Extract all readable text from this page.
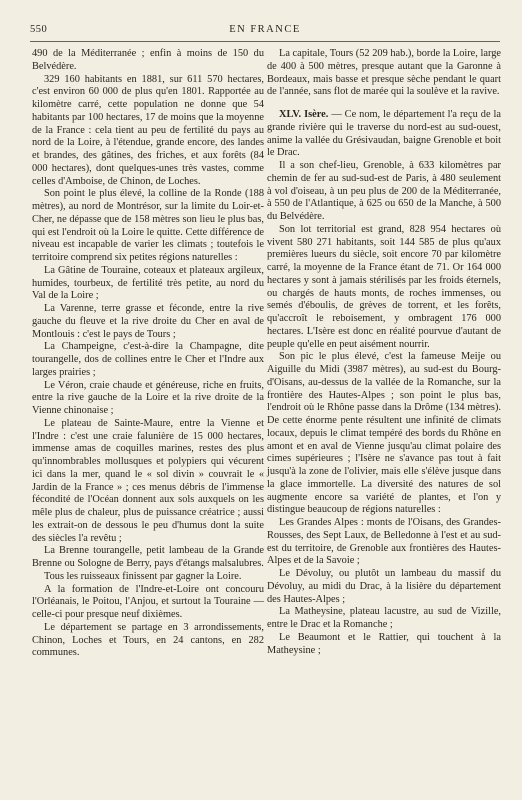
550	EN FRANCE

490 de la Méditerranée ; enfin à moins de 150 du Belvédère.

329 160 habitants en 1881, sur 611 570 hectares, c'est environ 60 000 de plus qu'en 1801. Rapportée au kilomètre carré, cette population ne donne que 54 habitants par 100 hectares, 17 de moins que la moyenne de la France : cela tient au peu de fertilité du pays au nord de la Loire, à l'étendue, grande encore, des landes et brandes, des gâtines, des friches, et aux forêts (84 000 hectares), dont quelques-unes très vastes, comme celles d'Amboise, de Chinon, de Loches.

Son point le plus élevé, la colline de la Ronde (188 mètres), au nord de Montrésor, sur la limite du Loir-et-Cher, ne dépasse que de 158 mètres son lieu le plus bas, qui est l'endroit où la Loire le quitte. Cette différence de niveau est incapable de varier les climats ; toutefois le territoire comprend six petites régions naturelles :

La Gâtine de Touraine, coteaux et plateaux argileux, humides, tourbeux, de fertilité très petite, au nord du Val de la Loire ;

La Varenne, terre grasse et féconde, entre la rive gauche du fleuve et la rive droite du Cher en aval de Montlouis : c'est le pays de Tours ;

La Champeigne, c'est-à-dire la Champagne, dite tourangelle, dos de collines entre le Cher et l'Indre aux larges prairies ;

Le Véron, craie chaude et généreuse, riche en fruits, entre la rive gauche de la Loire et la rive droite de la Vienne chinonaise ;

Le plateau de Sainte-Maure, entre la Vienne et l'Indre : c'est une craie falunière de 15 000 hectares, immense amas de coquilles marines, restes des plus qu'innombrables mollusques et polypiers qui vécurent ici dans la mer, quand le « sol divin » couvrait le « Jardin de la France » ; ces menus débris de l'immense fécondité de l'Océan donnent aux sols auxquels on les mêle plus de chaleur, plus de puissance créatrice ; aussi les extrait-on de dessous le peu d'humus dont la suite des siècles l'a revêtu ;

La Brenne tourangelle, petit lambeau de la Grande Brenne ou Sologne de Berry, pays d'étangs malsalubres.

Tous les ruisseaux finissent par gagner la Loire.

A la formation de l'Indre-et-Loire ont concouru l'Orléanais, le Poitou, l'Anjou, et surtout la Touraine — celle-ci pour presque neuf dixièmes.

Le département se partage en 3 arrondissements, Chinon, Loches et Tours, en 24 cantons, en 282 communes.

La capitale, Tours (52 209 hab.), borde la Loire, large de 400 à 500 mètres, presque autant que la Garonne à Bordeaux, mais basse et presque sèche pendant le quart de l'année, sans flot de marée qui la soulève et la ravive.

XLV. Isère. — Ce nom, le département l'a reçu de la grande rivière qui le traverse du nord-est au sud-ouest, anime la vallée du Grésivaudan, baigne Grenoble et boit le Drac.

Il a son chef-lieu, Grenoble, à 633 kilomètres par chemin de fer au sud-sud-est de Paris, à 480 seulement à vol d'oiseau, à un peu plus de 200 de la Méditerranée, à 550 de l'Atlantique, à 625 ou 650 de la Manche, à 500 du Belvédère.

Son lot territorial est grand, 828 954 hectares où vivent 580 271 habitants, soit 144 585 de plus qu'aux premières lueurs du siècle, soit encore 70 par kilomètre carré, la moyenne de la France étant de 71. Or 164 000 hectares y sont à jamais stérilisés par les froids éternels, ou chargés de hauts monts, de roches immenses, ou semés d'éboulis, de grèves de torrent, et les forêts, qu'accroît le reboisement, y ombragent 176 000 hectares. L'Isère est donc en réalité pourvue d'autant de peuple qu'elle en peut aisément nourrir.

Son pic le plus élevé, c'est la fameuse Meije ou Aiguille du Midi (3987 mètres), au sud-est du Bourg-d'Oisans, au-dessus de la vallée de la Romanche, sur la frontière des Hautes-Alpes ; son point le plus bas, l'endroit où le Rhône passe dans la Drôme (134 mètres). De cette énorme pente résultent une infinité de climats locaux, depuis le climat tempéré des bords du Rhône en amont et en aval de Vienne jusqu'au climat polaire des cimes supérieures ; l'Isère ne s'avance pas tout à fait jusqu'à la zone de l'olivier, mais elle s'élève jusque dans la glace immortelle. La diversité des natures de sol augmente encore sa variété de plantes, et l'on y distingue beaucoup de régions naturelles :

Les Grandes Alpes : monts de l'Oisans, des Grandes-Rousses, des Sept Laux, de Belledonne à l'est et au sud-est du territoire, de Grenoble aux frontières des Hautes-Alpes et de la Savoie ;

Le Dévoluy, ou plutôt un lambeau du massif du Dévoluy, au midi du Drac, à la lisière du département des Hautes-Alpes ;

La Matheysine, plateau lacustre, au sud de Vizille, entre le Drac et la Romanche ;

Le Beaumont et le Rattier, qui touchent à la Matheysine ;
